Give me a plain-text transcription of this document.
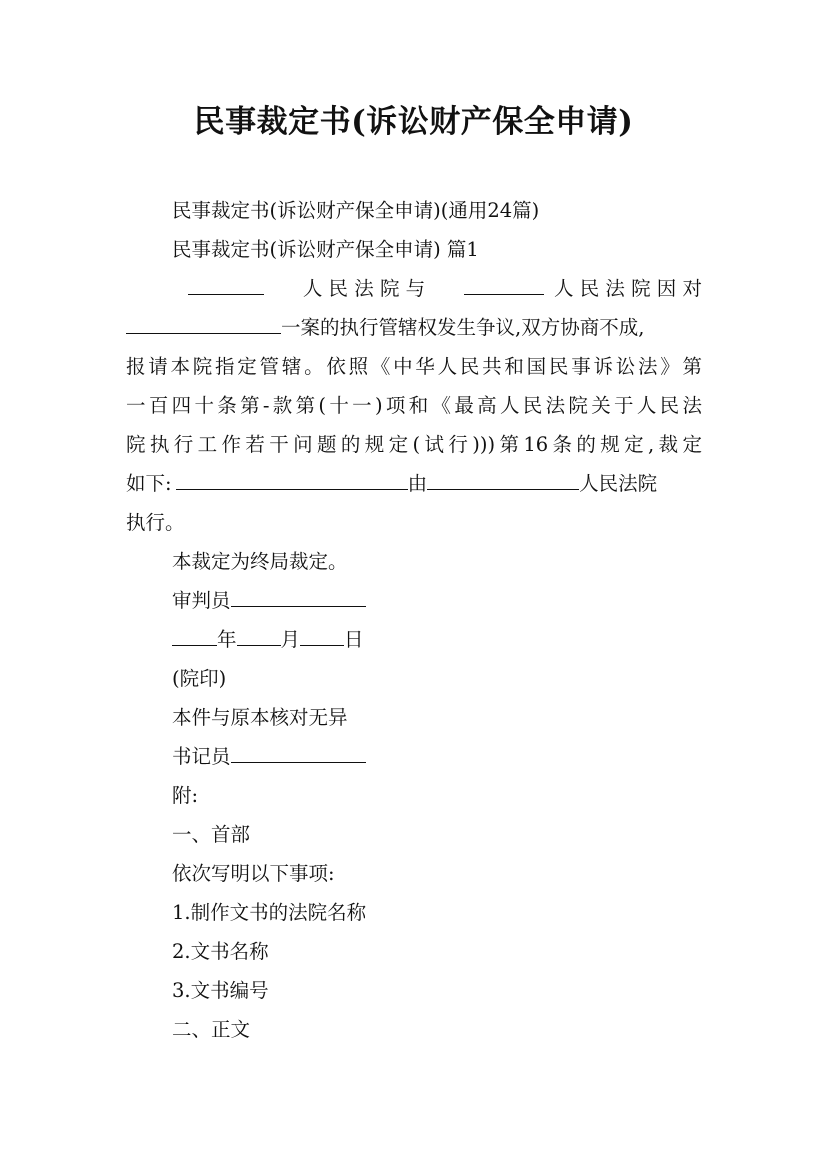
民事裁定书(诉讼财产保全申请)
民事裁定书(诉讼财产保全申请)(通用24篇)
民事裁定书(诉讼财产保全申请) 篇1
人 民 法 院 与	人 民 法 院 因 对
一案的执行管辖权发生争议,双方协商不成,
报请本院指定管辖。依照《中华人民共和国民事诉讼法》第
一百四十条第-款第(十一)项和《最高人民法院关于人民法
院执行工作若干问题的规定(试行)))第16条的规定,裁定
如下:	由	人民法院
执行。
本裁定为终局裁定。
审判员
年 月 日
(院印)
本件与原本核对无异
书记员
附:
一、首部
依次写明以下事项:
1.制作文书的法院名称
2.文书名称
3.文书编号
二、正文
